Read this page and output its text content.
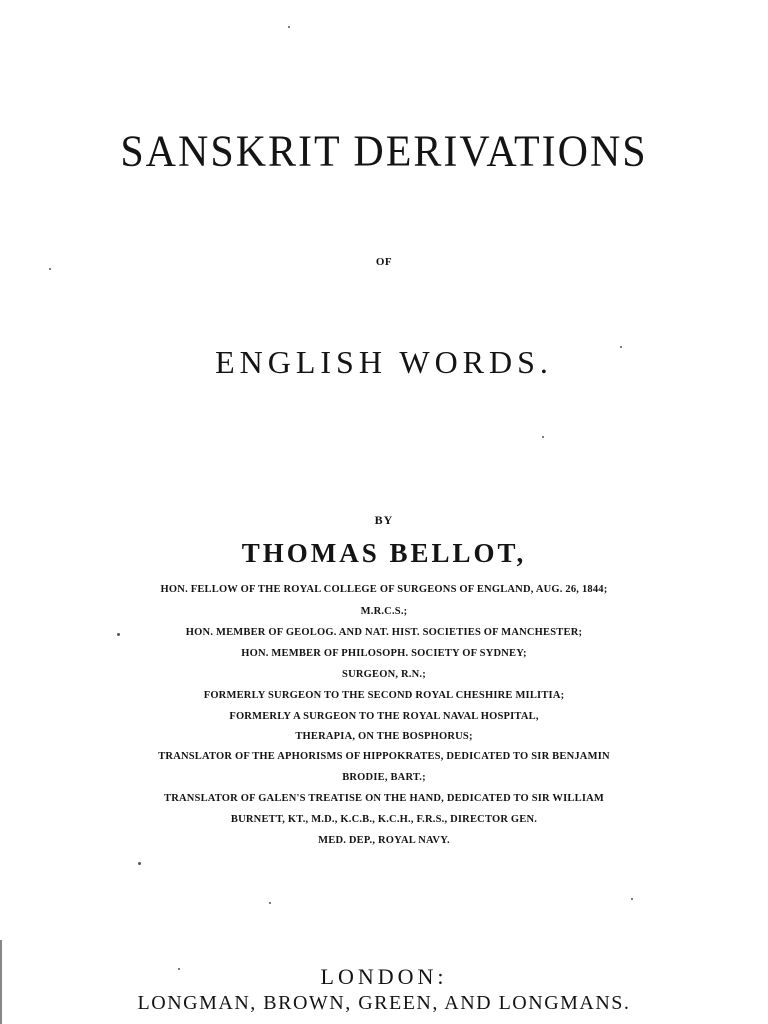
SANSKRIT DERIVATIONS
OF
ENGLISH WORDS.
BY
THOMAS BELLOT,
HON. FELLOW OF THE ROYAL COLLEGE OF SURGEONS OF ENGLAND, AUG. 26, 1844;
M.R.C.S.;
HON. MEMBER OF GEOLOG. AND NAT. HIST. SOCIETIES OF MANCHESTER;
HON. MEMBER OF PHILOSOPH. SOCIETY OF SYDNEY;
SURGEON, R.N.;
FORMERLY SURGEON TO THE SECOND ROYAL CHESHIRE MILITIA;
FORMERLY A SURGEON TO THE ROYAL NAVAL HOSPITAL,
THERAPIA, ON THE BOSPHORUS;
TRANSLATOR OF THE APHORISMS OF HIPPOKRATES, DEDICATED TO SIR BENJAMIN
BRODIE, BART.;
TRANSLATOR OF GALEN'S TREATISE ON THE HAND, DEDICATED TO SIR WILLIAM
BURNETT, KT., M.D., K.C.B., K.C.H., F.R.S., DIRECTOR GEN.
MED. DEP., ROYAL NAVY.
LONDON:
LONGMAN, BROWN, GREEN, AND LONGMANS.
